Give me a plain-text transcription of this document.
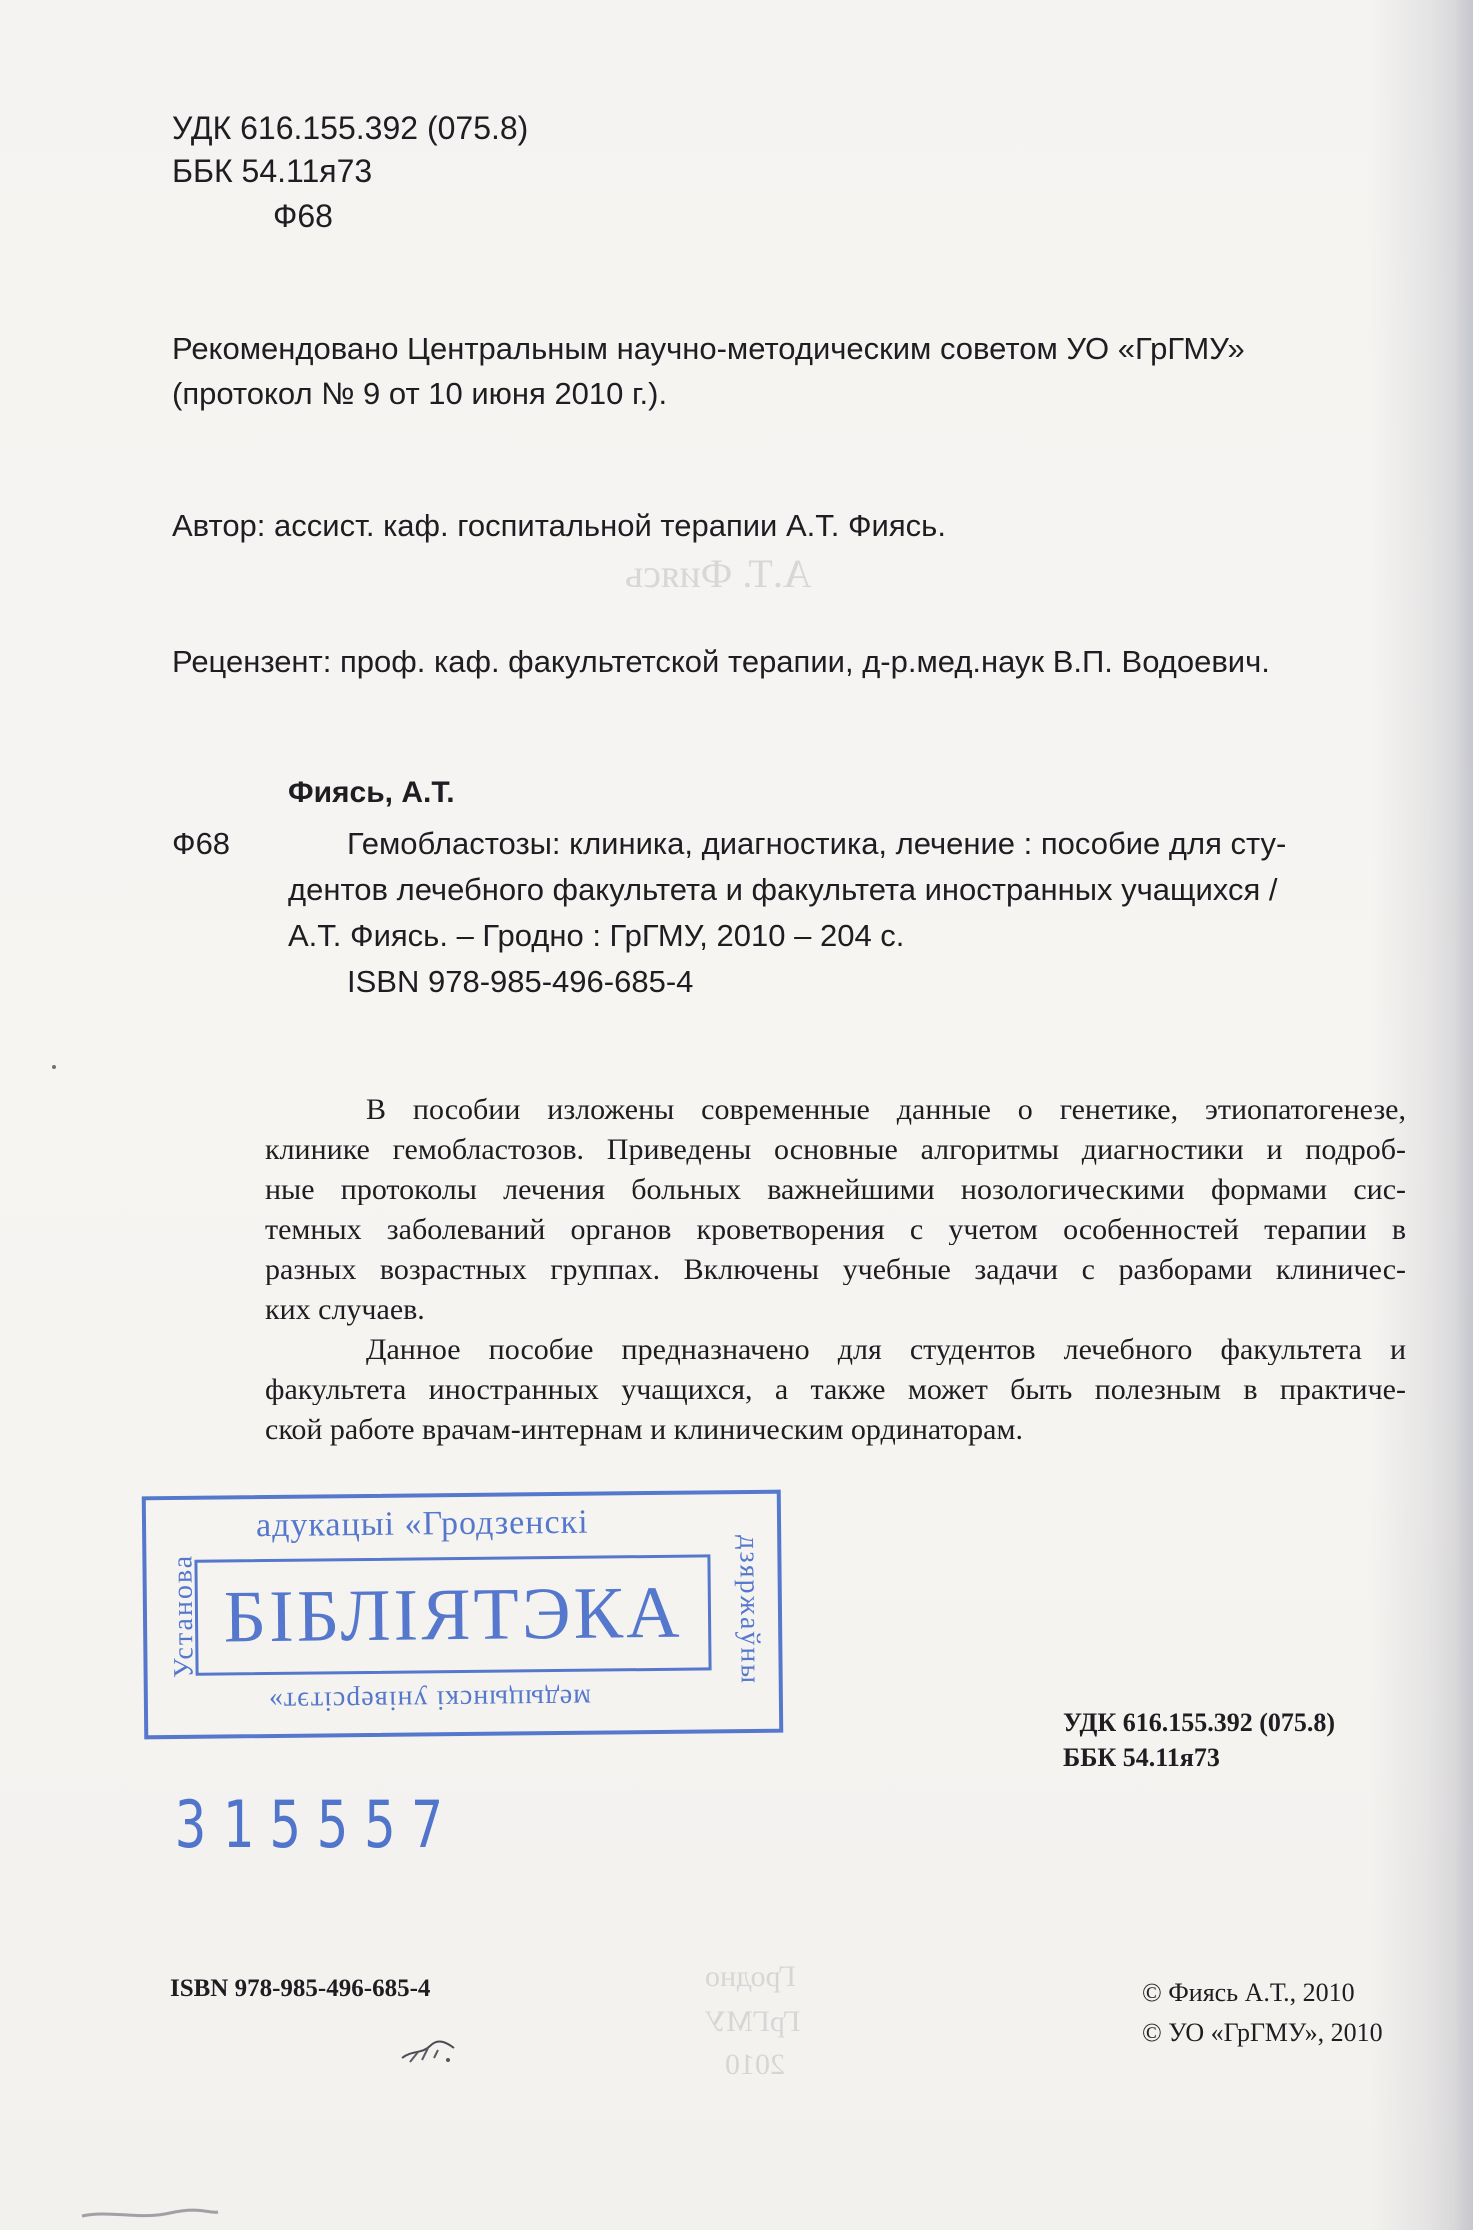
А.Т. Фиясь
Гродно
ГрГМУ
2010
УДК 616.155.392 (075.8)
ББК 54.11я73
Ф68
Рекомендовано Центральным научно-методическим советом УО «ГрГМУ»
(протокол № 9 от 10 июня 2010 г.).
Автор: ассист. каф. госпитальной терапии А.Т. Фиясь.
Рецензент: проф. каф. факультетской терапии, д-р.мед.наук В.П. Водоевич.
Фиясь, А.Т.
Ф68	Гемобластозы: клиника, диагностика, лечение : пособие для сту-
дентов лечебного факультета и факультета иностранных учащихся /
А.Т. Фиясь. – Гродно : ГрГМУ, 2010 – 204 с.
ISBN 978-985-496-685-4
В пособии изложены современные данные о генетике, этиопатогенезе,
клинике гемобластозов. Приведены основные алгоритмы диагностики и подроб-
ные протоколы лечения больных важнейшими нозологическими формами сис-
темных заболеваний органов кроветворения с учетом особенностей терапии в
разных возрастных группах. Включены учебные задачи с разборами клиничес-
ких случаев.
Данное пособие предназначено для студентов лечебного факультета и
факультета иностранных учащихся, а также может быть полезным в практиче-
ской работе врачам-интернам и клиническим ординаторам.
адукацыі «Гродзенскі
БІБЛІЯТЭКА
медыцынскі універсітэт»
Установа	дзяржаўны
315557
УДК 616.155.392 (075.8)
ББК 54.11я73
ISBN 978-985-496-685-4	© Фиясь А.Т., 2010
© УО «ГрГМУ», 2010
